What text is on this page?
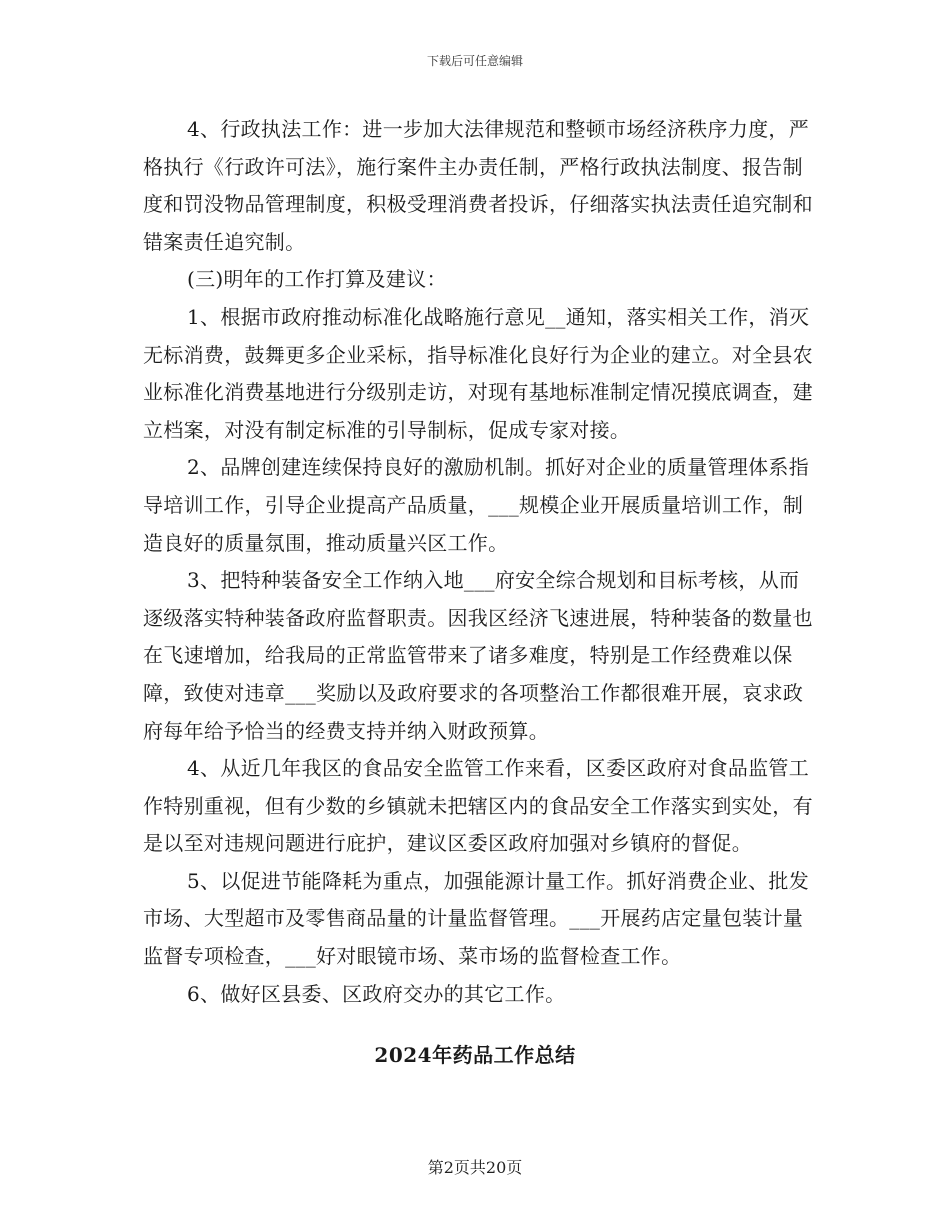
下载后可任意编辑

4、行政执法工作：进一步加大法律规范和整顿市场经济秩序力度，严格执行《行政许可法》，施行案件主办责任制，严格行政执法制度、报告制度和罚没物品管理制度，积极受理消费者投诉，仔细落实执法责任追究制和错案责任追究制。

(三)明年的工作打算及建议：

1、根据市政府推动标准化战略施行意见__通知，落实相关工作，消灭无标消费，鼓舞更多企业采标，指导标准化良好行为企业的建立。对全县农业标准化消费基地进行分级别走访，对现有基地标准制定情况摸底调查，建立档案，对没有制定标准的引导制标，促成专家对接。

2、品牌创建连续保持良好的激励机制。抓好对企业的质量管理体系指导培训工作，引导企业提高产品质量，___规模企业开展质量培训工作，制造良好的质量氛围，推动质量兴区工作。

3、把特种装备安全工作纳入地___府安全综合规划和目标考核，从而逐级落实特种装备政府监督职责。因我区经济飞速进展，特种装备的数量也在飞速增加，给我局的正常监管带来了诸多难度，特别是工作经费难以保障，致使对违章___奖励以及政府要求的各项整治工作都很难开展，哀求政府每年给予恰当的经费支持并纳入财政预算。

4、从近几年我区的食品安全监管工作来看，区委区政府对食品监管工作特别重视，但有少数的乡镇就未把辖区内的食品安全工作落实到实处，有是以至对违规问题进行庇护，建议区委区政府加强对乡镇府的督促。

5、以促进节能降耗为重点，加强能源计量工作。抓好消费企业、批发市场、大型超市及零售商品量的计量监督管理。___开展药店定量包装计量监督专项检查，___好对眼镜市场、菜市场的监督检查工作。

6、做好区县委、区政府交办的其它工作。

2024年药品工作总结
第2页共20页
